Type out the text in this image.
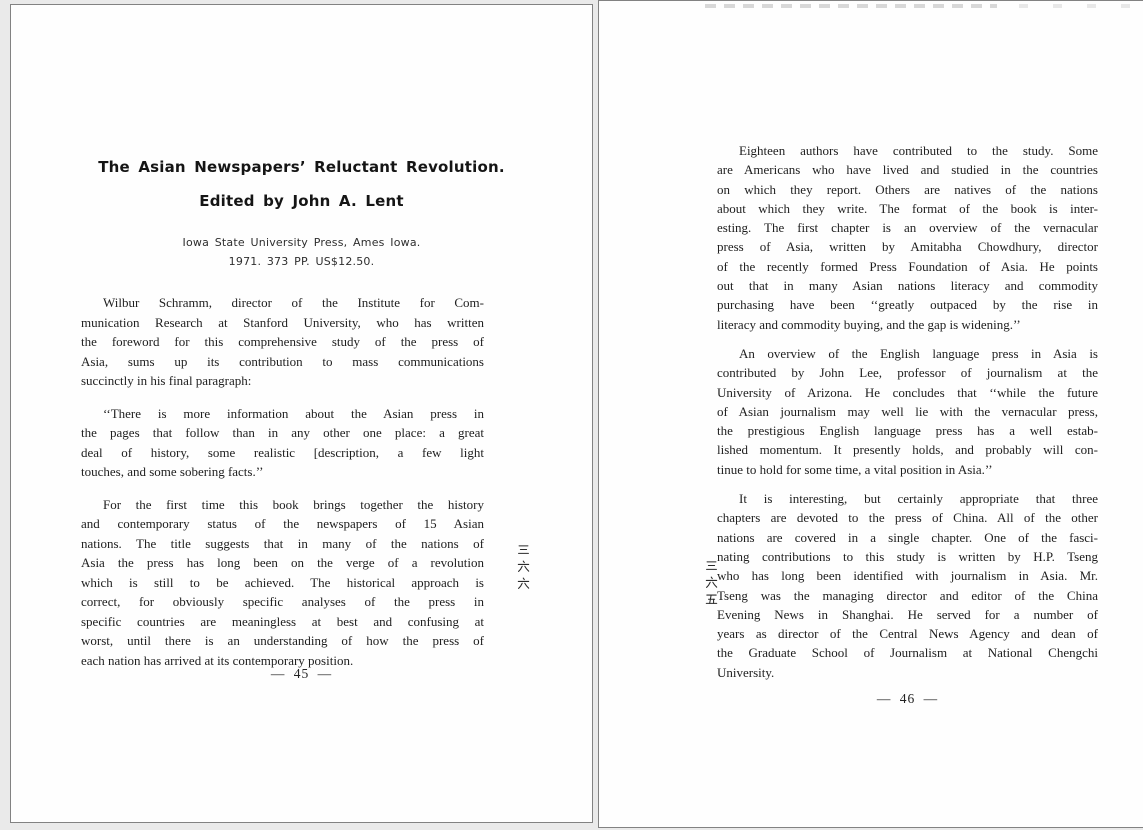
The Asian Newspapers’ Reluctant Revolution.
Edited by John A. Lent
Iowa State University Press, Ames Iowa.
1971. 373 PP. US$12.50.
Wilbur Schramm, director of the Institute for Com-
munication Research at Stanford University, who has written
the foreword for this comprehensive study of the press of
Asia, sums up its contribution to mass communications
succinctly in his final paragraph:
‘‘There is more information about the Asian press in
the pages that follow than in any other one place: a great
deal of history, some realistic [description, a few light
touches, and some sobering facts.’’
For the first time this book brings together the history
and contemporary status of the newspapers of 15 Asian
nations. The title suggests that in many of the nations of
Asia the press has long been on the verge of a revolution
which is still to be achieved. The historical approach is
correct, for obviously specific analyses of the press in
specific countries are meaningless at best and confusing at
worst, until there is an understanding of how the press of
each nation has arrived at its contemporary position.
— 45 —
Eighteen authors have contributed to the study. Some
are Americans who have lived and studied in the countries
on which they report. Others are natives of the nations
about which they write. The format of the book is inter-
esting. The first chapter is an overview of the vernacular
press of Asia, written by Amitabha Chowdhury, director
of the recently formed Press Foundation of Asia. He points
out that in many Asian nations literacy and commodity
purchasing have been ‘‘greatly outpaced by the rise in
literacy and commodity buying, and the gap is widening.’’
An overview of the English language press in Asia is
contributed by John Lee, professor of journalism at the
University of Arizona. He concludes that ‘‘while the future
of Asian journalism may well lie with the vernacular press,
the prestigious English language press has a well estab-
lished momentum. It presently holds, and probably will con-
tinue to hold for some time, a vital position in Asia.’’
It is interesting, but certainly appropriate that three
chapters are devoted to the press of China. All of the other
nations are covered in a single chapter. One of the fasci-
nating contributions to this study is written by H.P. Tseng
who has long been identified with journalism in Asia. Mr.
Tseng was the managing director and editor of the China
Evening News in Shanghai. He served for a number of
years as director of the Central News Agency and dean of
the Graduate School of Journalism at National Chengchi
University.
— 46 —
